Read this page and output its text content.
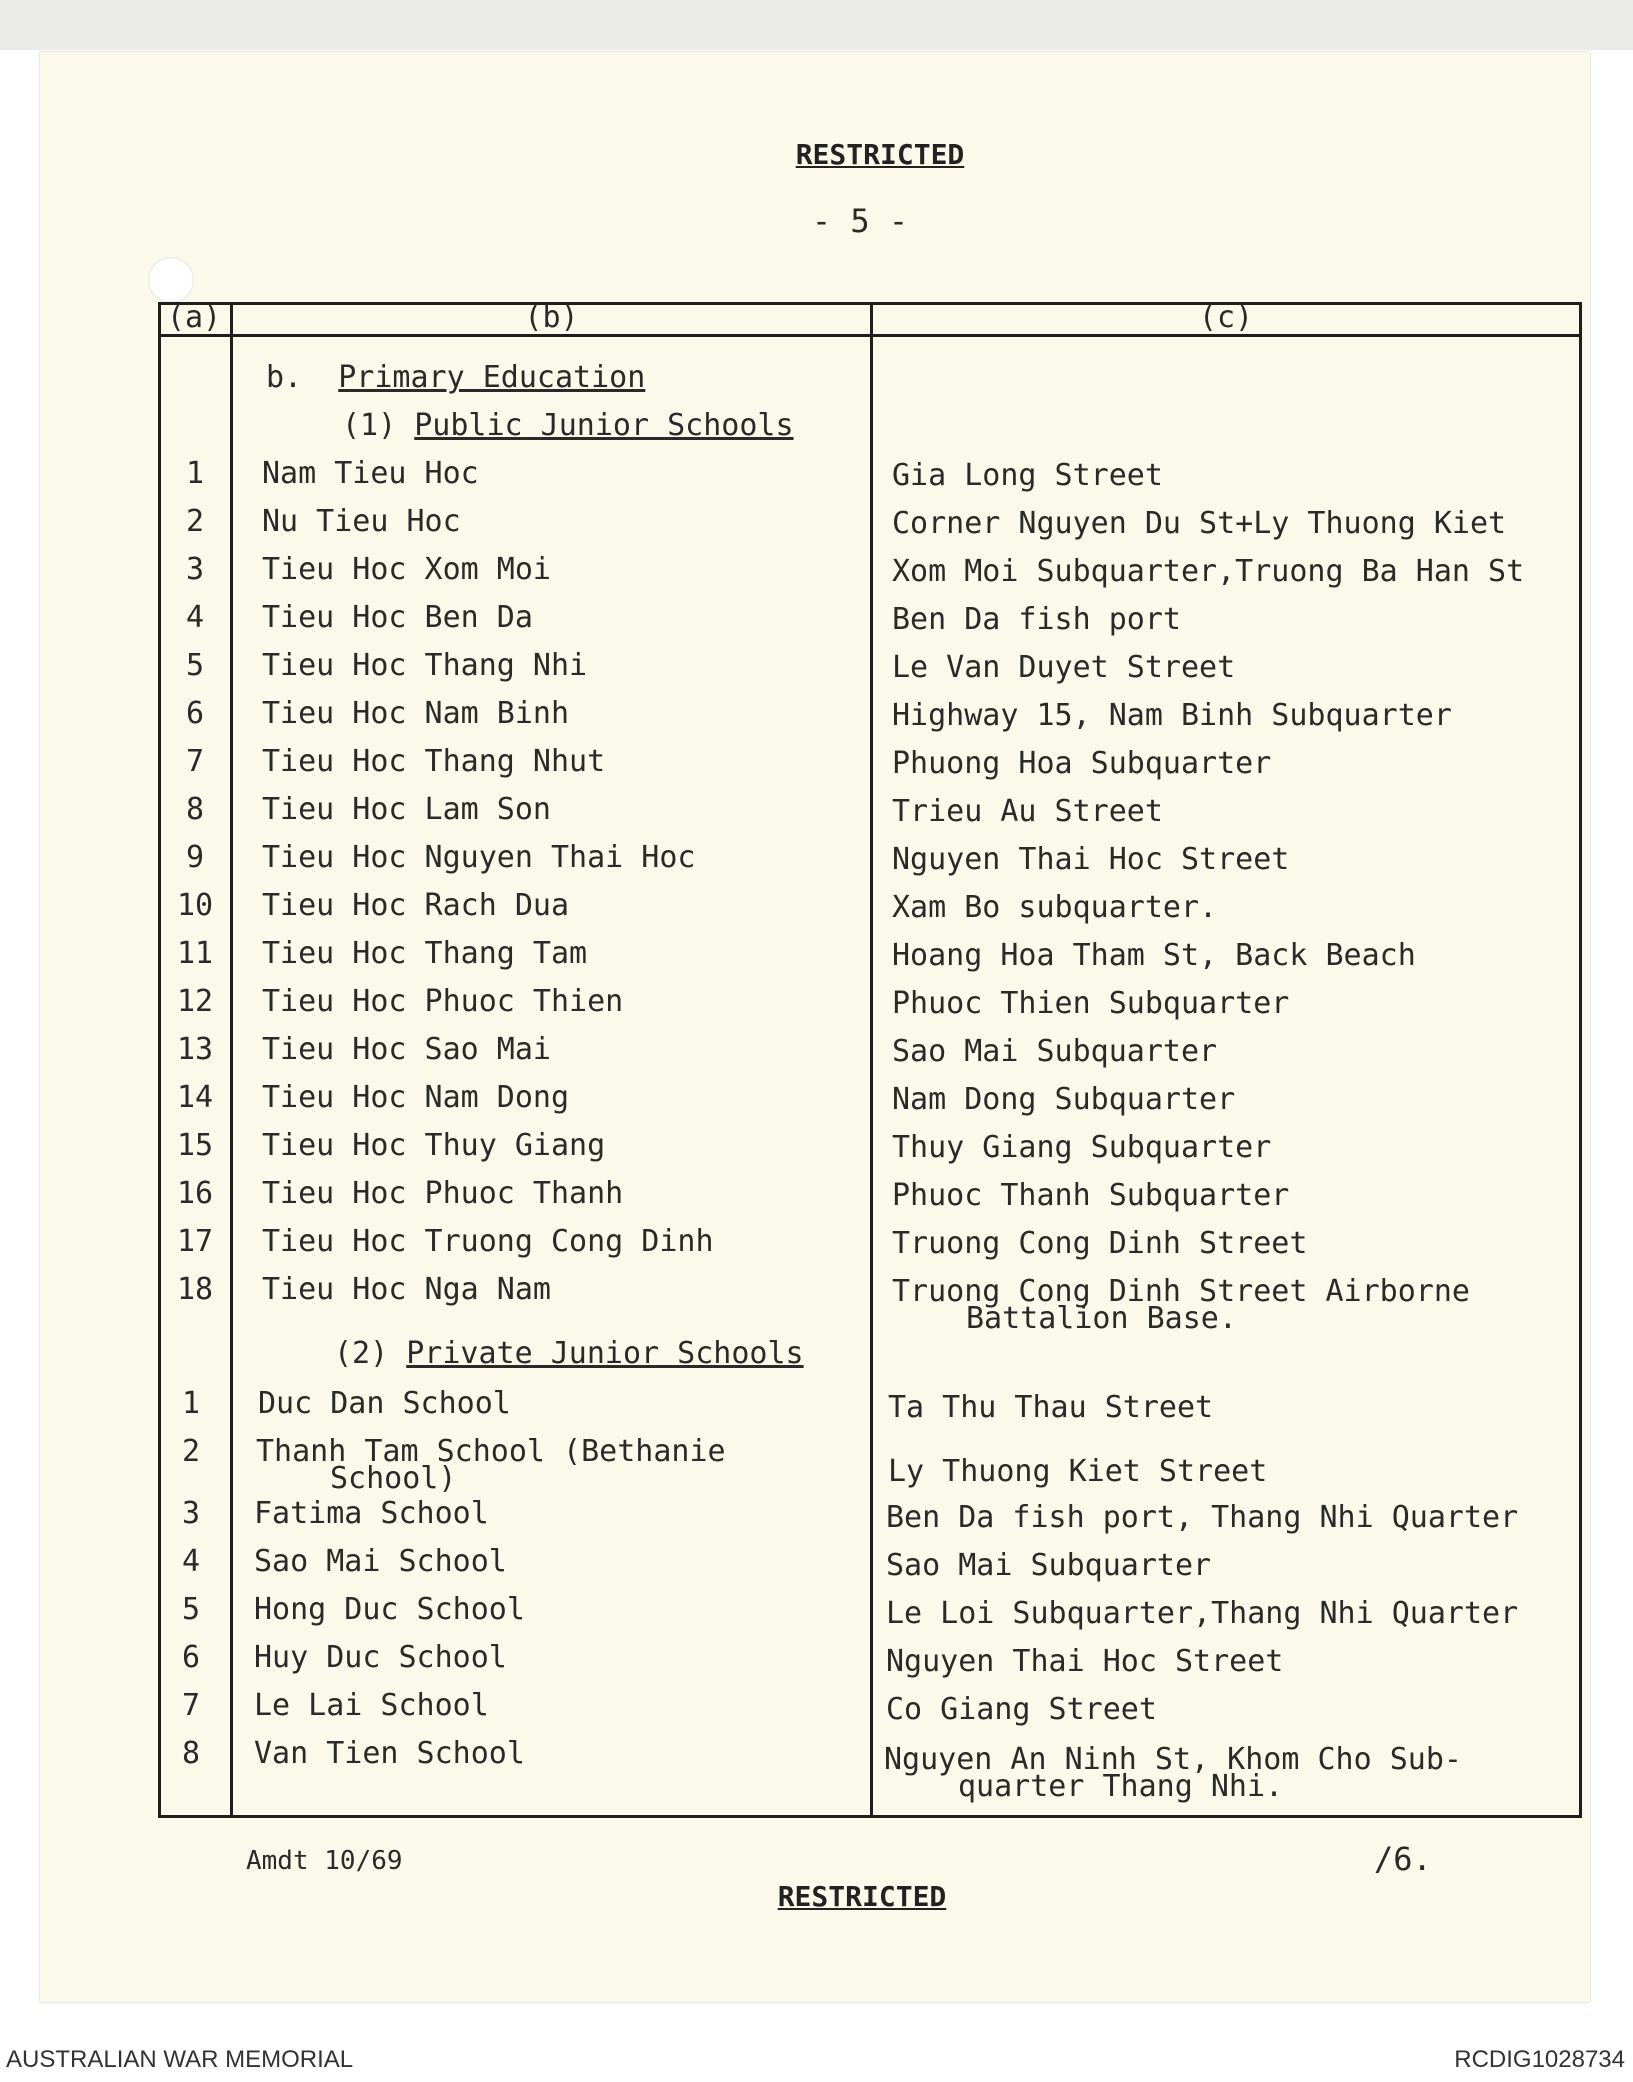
RESTRICTED
- 5 -
(a)	(b)	(c)
b. Primary Education
(1) Public Junior Schools
1	Nam Tieu Hoc	Gia Long Street
2	Nu Tieu Hoc	Corner Nguyen Du St+Ly Thuong Kiet
3	Tieu Hoc Xom Moi	Xom Moi Subquarter,Truong Ba Han St
4	Tieu Hoc Ben Da	Ben Da fish port
5	Tieu Hoc Thang Nhi	Le Van Duyet Street
6	Tieu Hoc Nam Binh	Highway 15, Nam Binh Subquarter
7	Tieu Hoc Thang Nhut	Phuong Hoa Subquarter
8	Tieu Hoc Lam Son	Trieu Au Street
9	Tieu Hoc Nguyen Thai Hoc	Nguyen Thai Hoc Street
10 Tieu Hoc Rach Dua	Xam Bo subquarter.
11 Tieu Hoc Thang Tam	Hoang Hoa Tham St, Back Beach
12 Tieu Hoc Phuoc Thien	Phuoc Thien Subquarter
13 Tieu Hoc Sao Mai	Sao Mai Subquarter
14 Tieu Hoc Nam Dong	Nam Dong Subquarter
15 Tieu Hoc Thuy Giang	Thuy Giang Subquarter
16 Tieu Hoc Phuoc Thanh	Phuoc Thanh Subquarter
17 Tieu Hoc Truong Cong Dinh	Truong Cong Dinh Street
18 Tieu Hoc Nga Nam	Truong Cong Dinh Street Airborne
Battalion Base.
(2) Private Junior Schools
1	Duc Dan School	Ta Thu Thau Street
2	Thanh Tam School (Bethanie
School)	Ly Thuong Kiet Street
3	Fatima School	Ben Da fish port, Thang Nhi Quarter
4	Sao Mai School	Sao Mai Subquarter
5	Hong Duc School	Le Loi Subquarter,Thang Nhi Quarter
6	Huy Duc School	Nguyen Thai Hoc Street
7	Le Lai School	Co Giang Street
8	Van Tien School	Nguyen An Ninh St, Khom Cho Sub-
quarter Thang Nhi.
Amdt 10/69	/6.
RESTRICTED
AUSTRALIAN WAR MEMORIAL	RCDIG1028734
